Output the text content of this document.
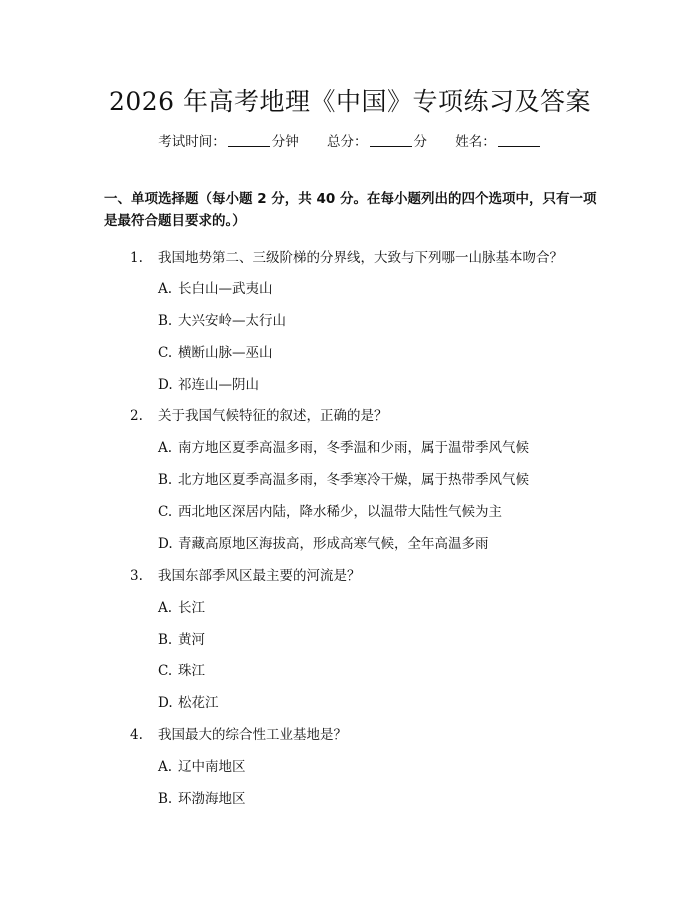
2026 年高考地理《中国》专项练习及答案
考试时间：	分钟 总分：	分 姓名：
一、单项选择题（每小题 2 分，共 40 分。在每小题列出的四个选项中，只有一项是最符合题目要求的。）
1. 我国地势第二、三级阶梯的分界线，大致与下列哪一山脉基本吻合？
A. 长白山—武夷山
B. 大兴安岭—太行山
C. 横断山脉—巫山
D. 祁连山—阴山
2. 关于我国气候特征的叙述，正确的是？
A. 南方地区夏季高温多雨，冬季温和少雨，属于温带季风气候
B. 北方地区夏季高温多雨，冬季寒冷干燥，属于热带季风气候
C. 西北地区深居内陆，降水稀少，以温带大陆性气候为主
D. 青藏高原地区海拔高，形成高寒气候，全年高温多雨
3. 我国东部季风区最主要的河流是？
A. 长江
B. 黄河
C. 珠江
D. 松花江
4. 我国最大的综合性工业基地是？
A. 辽中南地区
B. 环渤海地区
